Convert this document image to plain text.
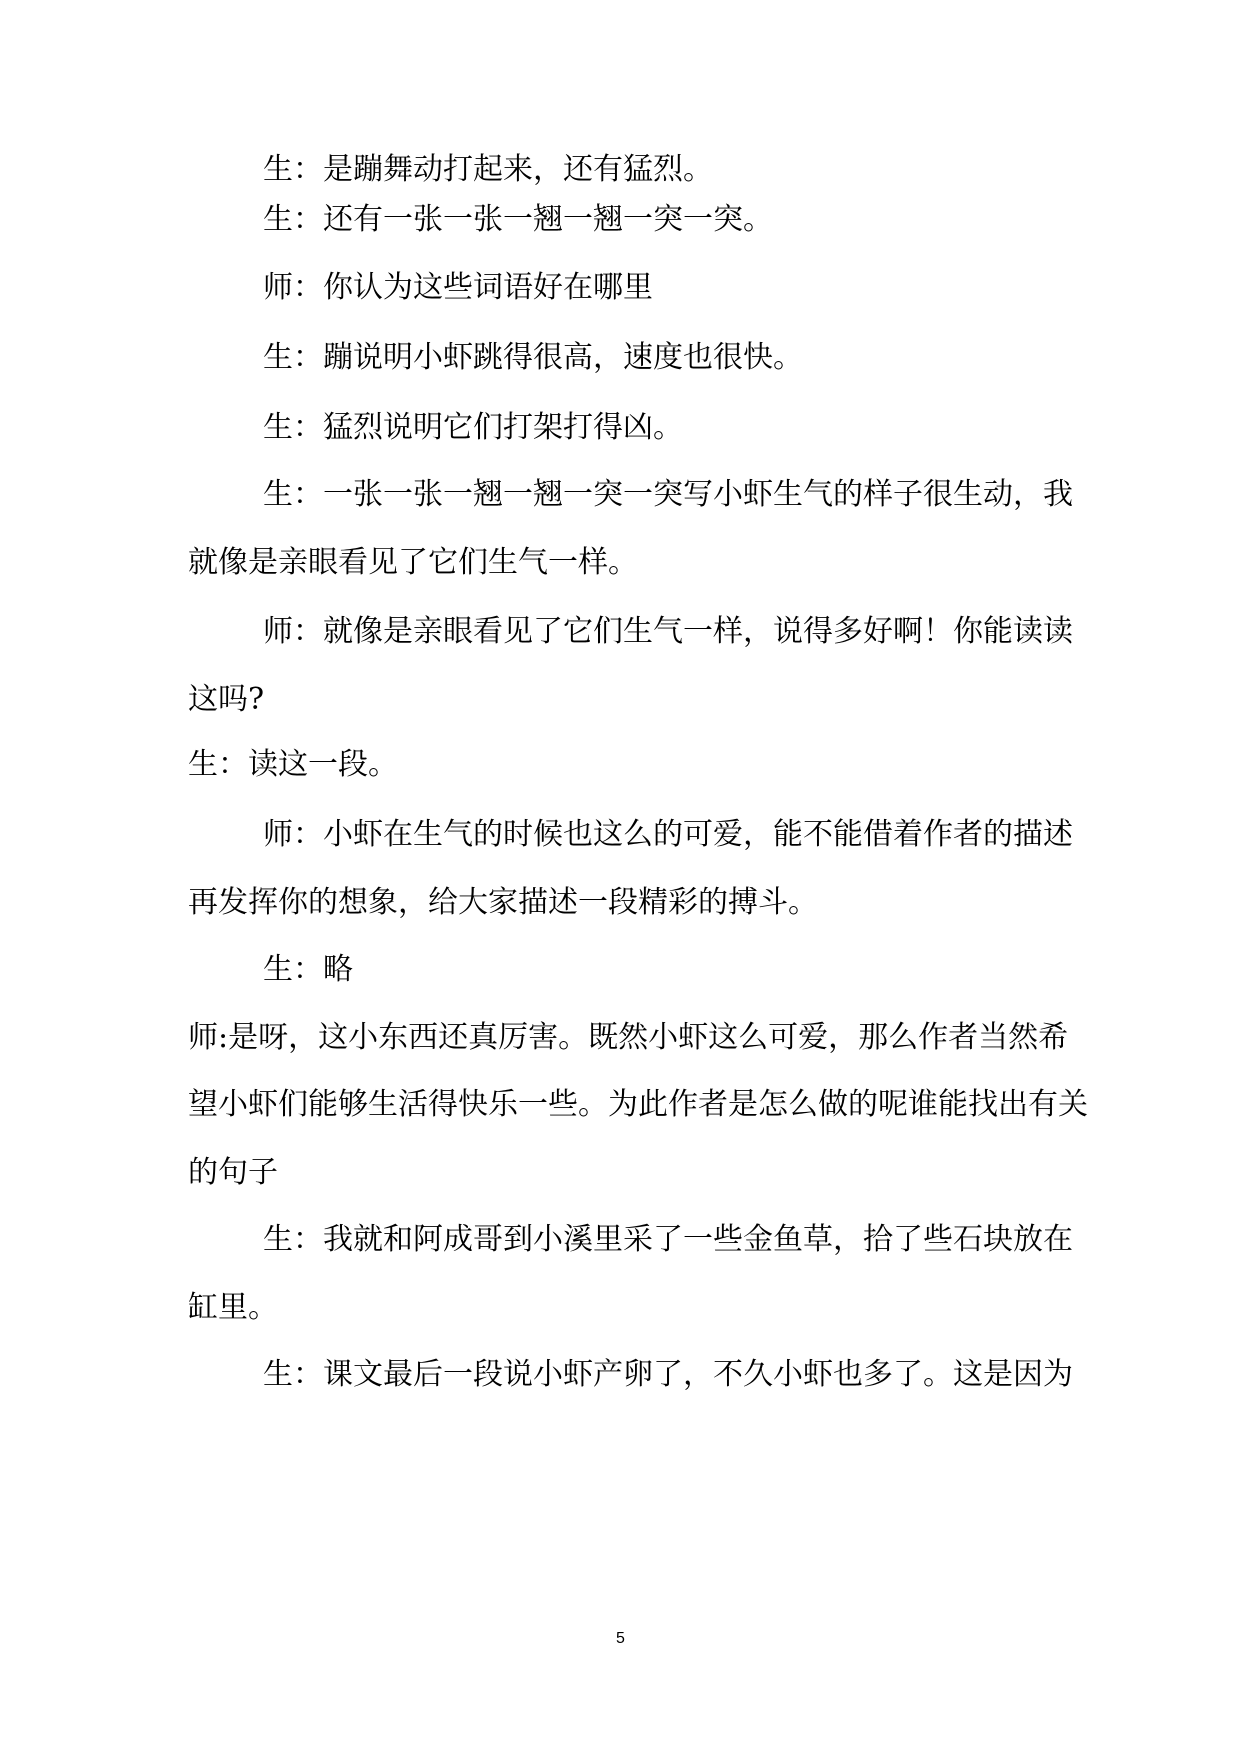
生：是蹦舞动打起来，还有猛烈。
生：还有一张一张一翘一翘一突一突。
师：你认为这些词语好在哪里
生：蹦说明小虾跳得很高，速度也很快。
生：猛烈说明它们打架打得凶。
生：一张一张一翘一翘一突一突写小虾生气的样子很生动，我
就像是亲眼看见了它们生气一样。
师：就像是亲眼看见了它们生气一样，说得多好啊！你能读读
这吗?
生：读这一段。
师：小虾在生气的时候也这么的可爱，能不能借着作者的描述
再发挥你的想象，给大家描述一段精彩的搏斗。
生：略
师:是呀，这小东西还真厉害。既然小虾这么可爱，那么作者当然希
望小虾们能够生活得快乐一些。为此作者是怎么做的呢谁能找出有关
的句子
生：我就和阿成哥到小溪里采了一些金鱼草，拾了些石块放在
缸里。
生：课文最后一段说小虾产卵了，不久小虾也多了。这是因为
5
